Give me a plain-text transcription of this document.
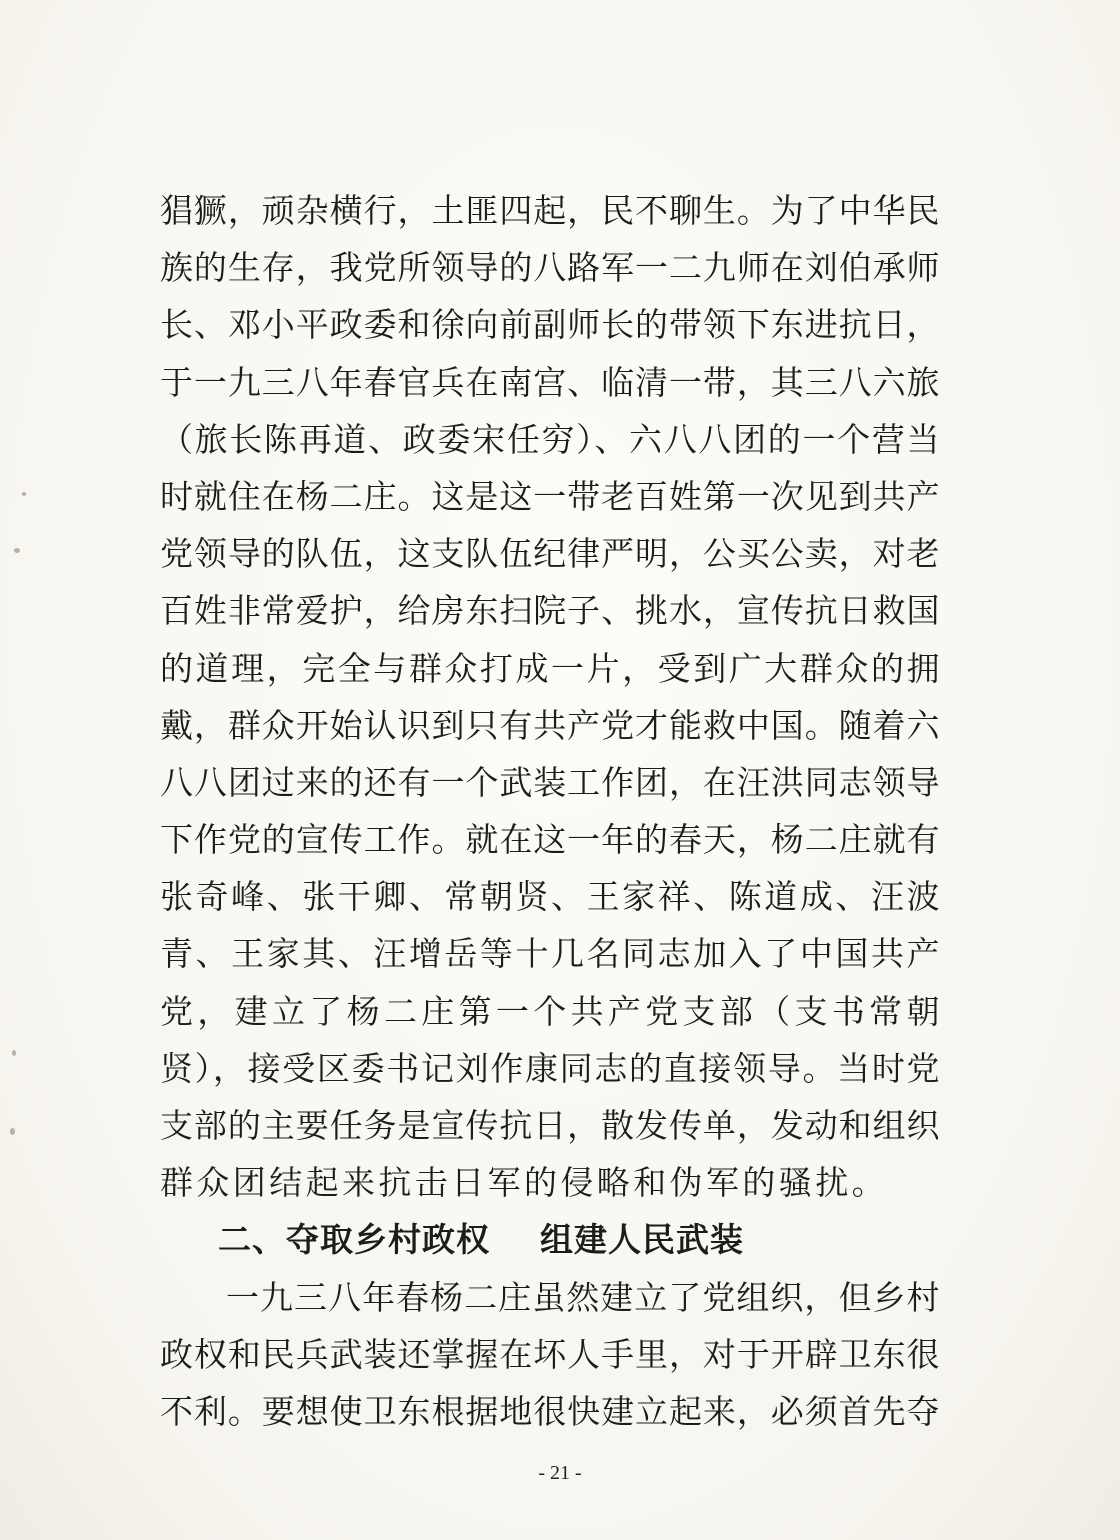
猖獗，顽杂横行，土匪四起，民不聊生。为了中华民
族的生存，我党所领导的八路军一二九师在刘伯承师
长、邓小平政委和徐向前副师长的带领下东进抗日，
于一九三八年春官兵在南宫、临清一带，其三八六旅
（旅长陈再道、政委宋任穷）、六八八团的一个营当
时就住在杨二庄。这是这一带老百姓第一次见到共产
党领导的队伍，这支队伍纪律严明，公买公卖，对老
百姓非常爱护，给房东扫院子、挑水，宣传抗日救国
的道理，完全与群众打成一片，受到广大群众的拥
戴，群众开始认识到只有共产党才能救中国。随着六
八八团过来的还有一个武装工作团，在汪洪同志领导
下作党的宣传工作。就在这一年的春天，杨二庄就有
张奇峰、张干卿、常朝贤、王家祥、陈道成、汪波
青、王家其、汪增岳等十几名同志加入了中国共产
党，建立了杨二庄第一个共产党支部（支书常朝
贤），接受区委书记刘作康同志的直接领导。当时党
支部的主要任务是宣传抗日，散发传单，发动和组织
群众团结起来抗击日军的侵略和伪军的骚扰。
二、夺取乡村政权    组建人民武装
一九三八年春杨二庄虽然建立了党组织，但乡村
政权和民兵武装还掌握在坏人手里，对于开辟卫东很
不利。要想使卫东根据地很快建立起来，必须首先夺
- 21 -
